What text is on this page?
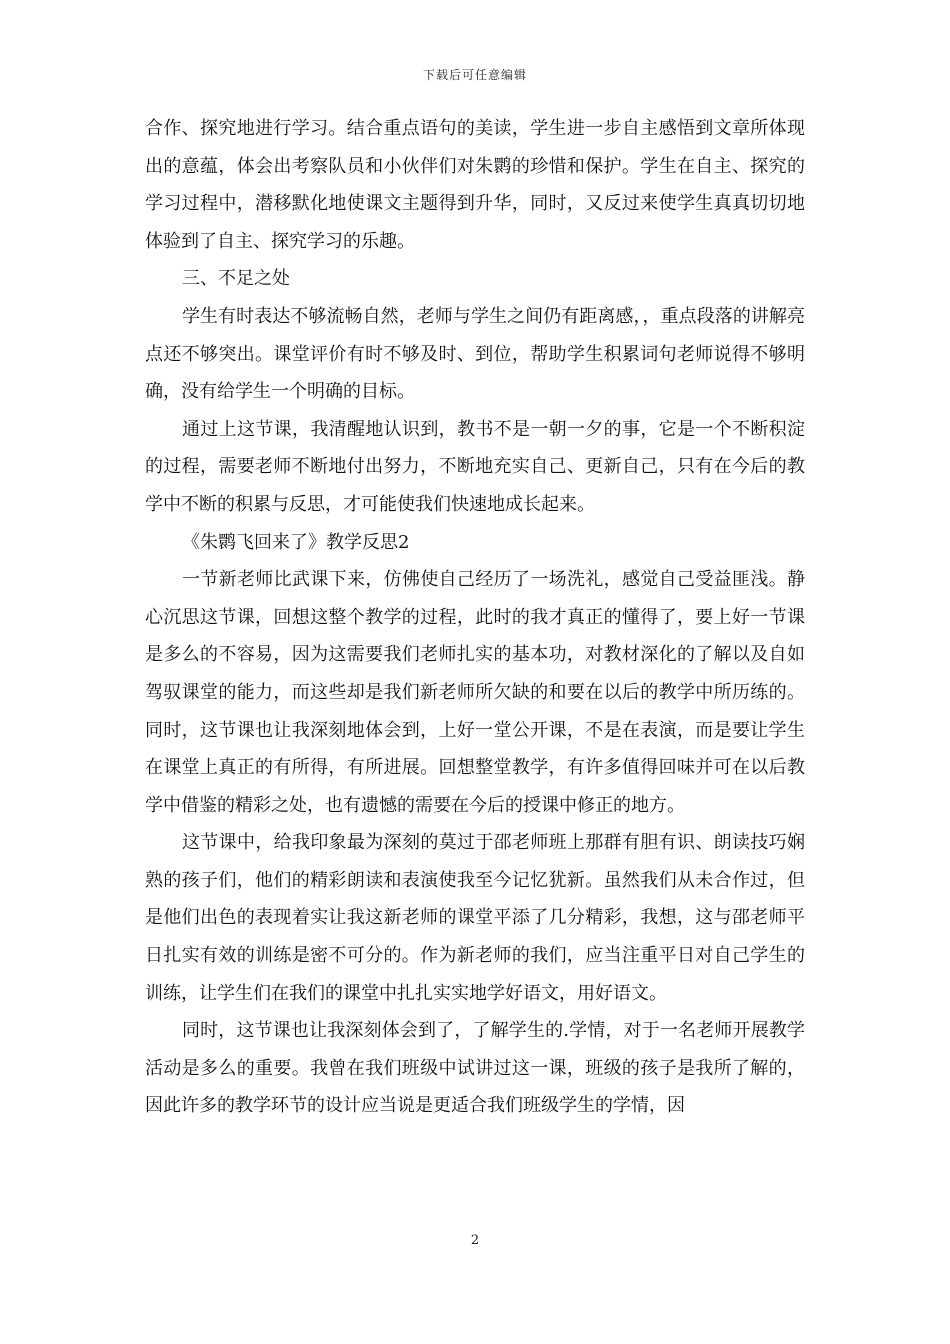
下载后可任意编辑

合作、探究地进行学习。结合重点语句的美读，学生进一步自主感悟到文章所体现出的意蕴，体会出考察队员和小伙伴们对朱鹮的珍惜和保护。学生在自主、探究的学习过程中，潜移默化地使课文主题得到升华，同时，又反过来使学生真真切切地体验到了自主、探究学习的乐趣。

三、不足之处

学生有时表达不够流畅自然，老师与学生之间仍有距离感，，重点段落的讲解亮点还不够突出。课堂评价有时不够及时、到位，帮助学生积累词句老师说得不够明确，没有给学生一个明确的目标。

通过上这节课，我清醒地认识到，教书不是一朝一夕的事，它是一个不断积淀的过程，需要老师不断地付出努力，不断地充实自己、更新自己，只有在今后的教学中不断的积累与反思，才可能使我们快速地成长起来。

《朱鹮飞回来了》教学反思2

一节新老师比武课下来，仿佛使自己经历了一场洗礼，感觉自己受益匪浅。静心沉思这节课，回想这整个教学的过程，此时的我才真正的懂得了，要上好一节课是多么的不容易，因为这需要我们老师扎实的基本功，对教材深化的了解以及自如驾驭课堂的能力，而这些却是我们新老师所欠缺的和要在以后的教学中所历练的。同时，这节课也让我深刻地体会到，上好一堂公开课，不是在表演，而是要让学生在课堂上真正的有所得，有所进展。回想整堂教学，有许多值得回味并可在以后教学中借鉴的精彩之处，也有遗憾的需要在今后的授课中修正的地方。

这节课中，给我印象最为深刻的莫过于邵老师班上那群有胆有识、朗读技巧娴熟的孩子们，他们的精彩朗读和表演使我至今记忆犹新。虽然我们从未合作过，但是他们出色的表现着实让我这新老师的课堂平添了几分精彩，我想，这与邵老师平日扎实有效的训练是密不可分的。作为新老师的我们，应当注重平日对自己学生的训练，让学生们在我们的课堂中扎扎实实地学好语文，用好语文。

同时，这节课也让我深刻体会到了，了解学生的.学情，对于一名老师开展教学活动是多么的重要。我曾在我们班级中试讲过这一课，班级的孩子是我所了解的，因此许多的教学环节的设计应当说是更适合我们班级学生的学情，因

2
